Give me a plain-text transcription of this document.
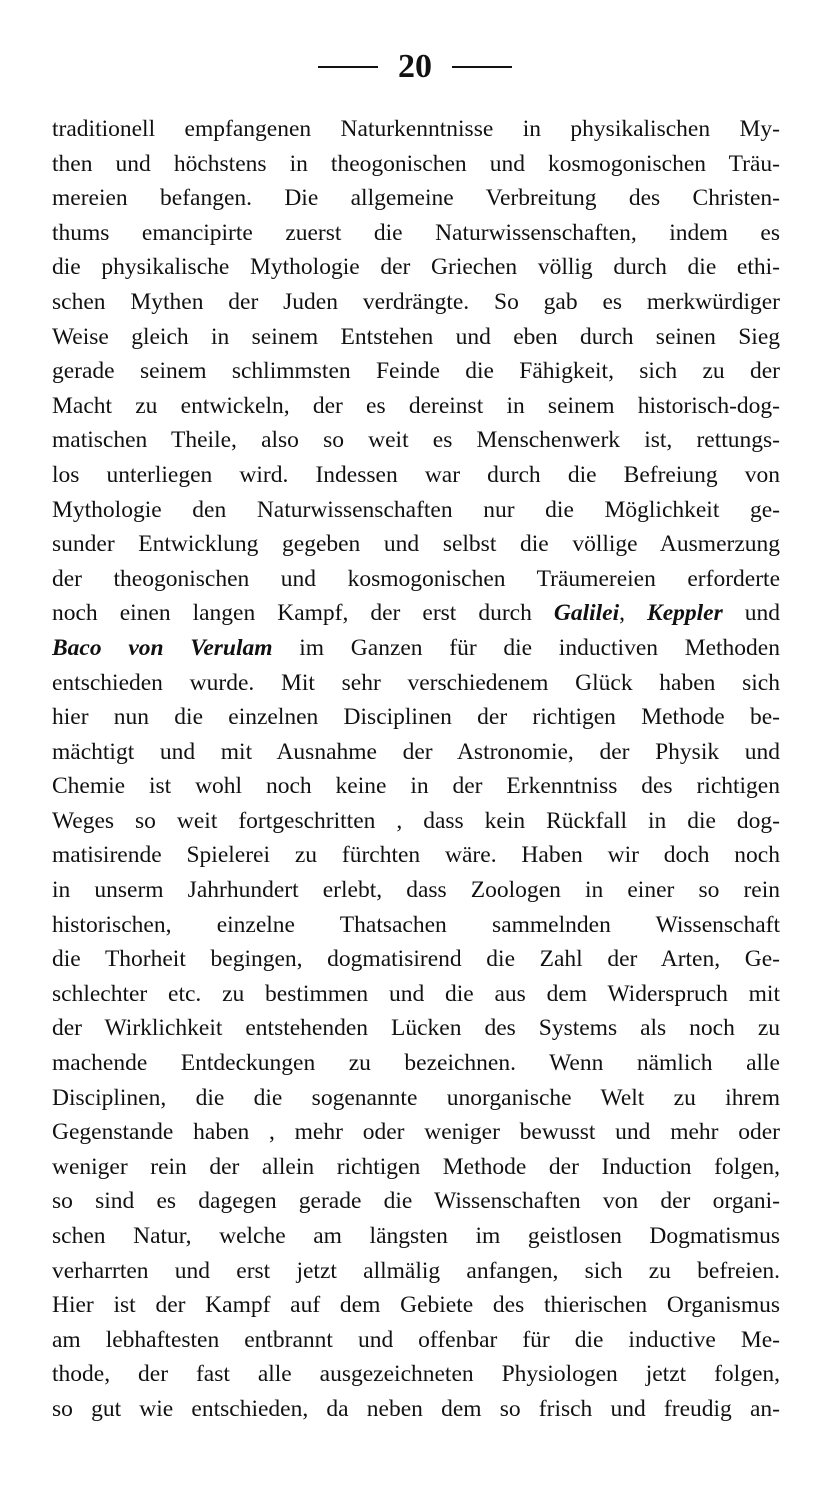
20
traditionell empfangenen Naturkenntnisse in physikalischen My-
then und höchstens in theogonischen und kosmogonischen Träu-
mereien befangen. Die allgemeine Verbreitung des Christen-
thums emancipirte zuerst die Naturwissenschaften, indem es
die physikalische Mythologie der Griechen völlig durch die ethi-
schen Mythen der Juden verdrängte. So gab es merkwürdiger
Weise gleich in seinem Entstehen und eben durch seinen Sieg
gerade seinem schlimmsten Feinde die Fähigkeit, sich zu der
Macht zu entwickeln, der es dereinst in seinem historisch-dog-
matischen Theile, also so weit es Menschenwerk ist, rettungs-
los unterliegen wird. Indessen war durch die Befreiung von
Mythologie den Naturwissenschaften nur die Möglichkeit ge-
sunder Entwicklung gegeben und selbst die völlige Ausmerzung
der theogonischen und kosmogonischen Träumereien erforderte
noch einen langen Kampf, der erst durch Galilei, Keppler und
Baco von Verulam im Ganzen für die inductiven Methoden
entschieden wurde. Mit sehr verschiedenem Glück haben sich
hier nun die einzelnen Disciplinen der richtigen Methode be-
mächtigt und mit Ausnahme der Astronomie, der Physik und
Chemie ist wohl noch keine in der Erkenntniss des richtigen
Weges so weit fortgeschritten , dass kein Rückfall in die dog-
matisirende Spielerei zu fürchten wäre. Haben wir doch noch
in unserm Jahrhundert erlebt, dass Zoologen in einer so rein
historischen, einzelne Thatsachen sammelnden Wissenschaft
die Thorheit begingen, dogmatisirend die Zahl der Arten, Ge-
schlechter etc. zu bestimmen und die aus dem Widerspruch mit
der Wirklichkeit entstehenden Lücken des Systems als noch zu
machende Entdeckungen zu bezeichnen. Wenn nämlich alle
Disciplinen, die die sogenannte unorganische Welt zu ihrem
Gegenstande haben , mehr oder weniger bewusst und mehr oder
weniger rein der allein richtigen Methode der Induction folgen,
so sind es dagegen gerade die Wissenschaften von der organi-
schen Natur, welche am längsten im geistlosen Dogmatismus
verharrten und erst jetzt allmälig anfangen, sich zu befreien.
Hier ist der Kampf auf dem Gebiete des thierischen Organismus
am lebhaftesten entbrannt und offenbar für die inductive Me-
thode, der fast alle ausgezeichneten Physiologen jetzt folgen,
so gut wie entschieden, da neben dem so frisch und freudig an-
